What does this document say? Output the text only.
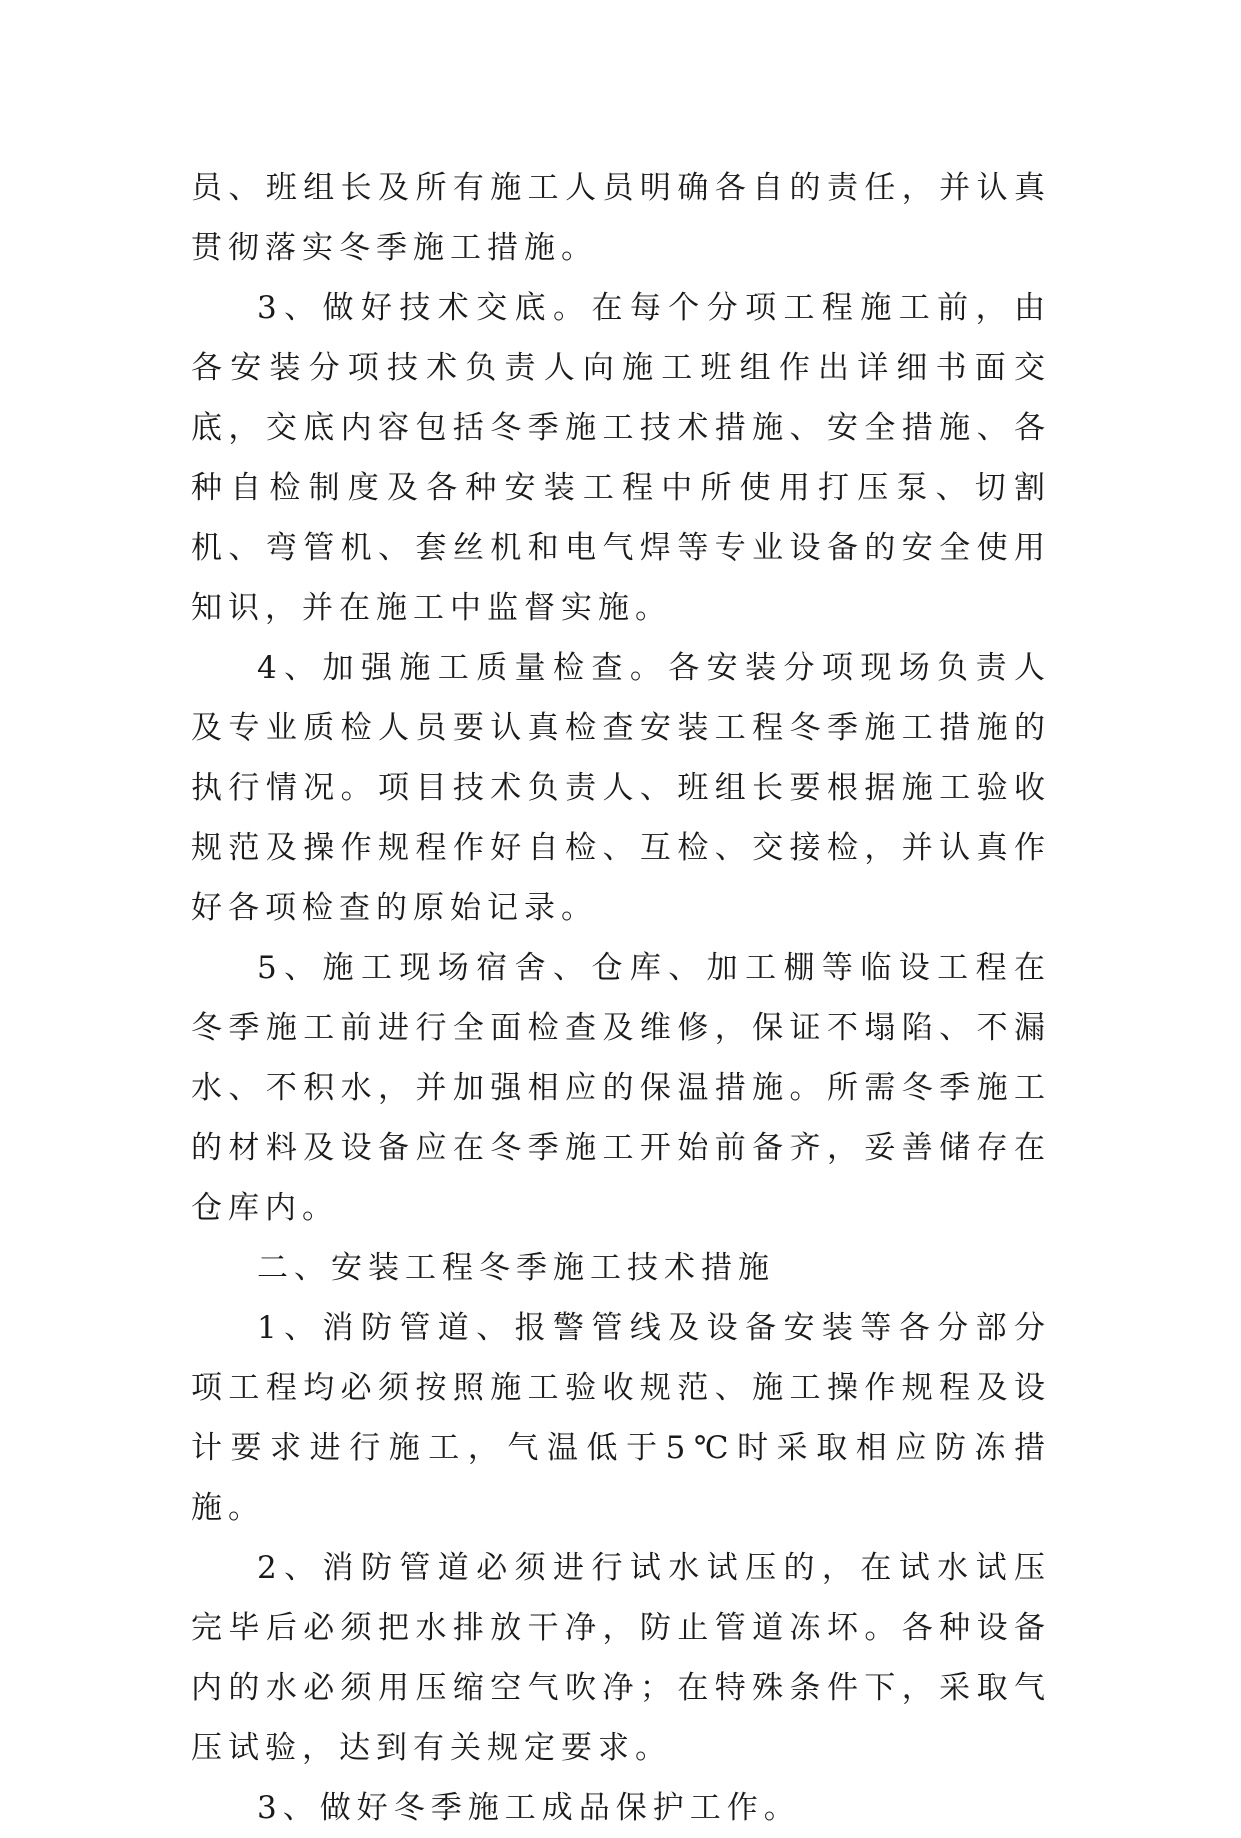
员、班组长及所有施工人员明确各自的责任，并认真贯彻落实冬季施工措施。

3、做好技术交底。在每个分项工程施工前，由各安装分项技术负责人向施工班组作出详细书面交底，交底内容包括冬季施工技术措施、安全措施、各种自检制度及各种安装工程中所使用打压泵、切割机、弯管机、套丝机和电气焊等专业设备的安全使用知识，并在施工中监督实施。

4、加强施工质量检查。各安装分项现场负责人及专业质检人员要认真检查安装工程冬季施工措施的执行情况。项目技术负责人、班组长要根据施工验收规范及操作规程作好自检、互检、交接检，并认真作好各项检查的原始记录。

5、施工现场宿舍、仓库、加工棚等临设工程在冬季施工前进行全面检查及维修，保证不塌陷、不漏水、不积水，并加强相应的保温措施。所需冬季施工的材料及设备应在冬季施工开始前备齐，妥善储存在仓库内。

二、安装工程冬季施工技术措施

1、消防管道、报警管线及设备安装等各分部分项工程均必须按照施工验收规范、施工操作规程及设计要求进行施工，气温低于5℃时采取相应防冻措施。

2、消防管道必须进行试水试压的，在试水试压完毕后必须把水排放干净，防止管道冻坏。各种设备内的水必须用压缩空气吹净；在特殊条件下，采取气压试验，达到有关规定要求。

3、做好冬季施工成品保护工作。
